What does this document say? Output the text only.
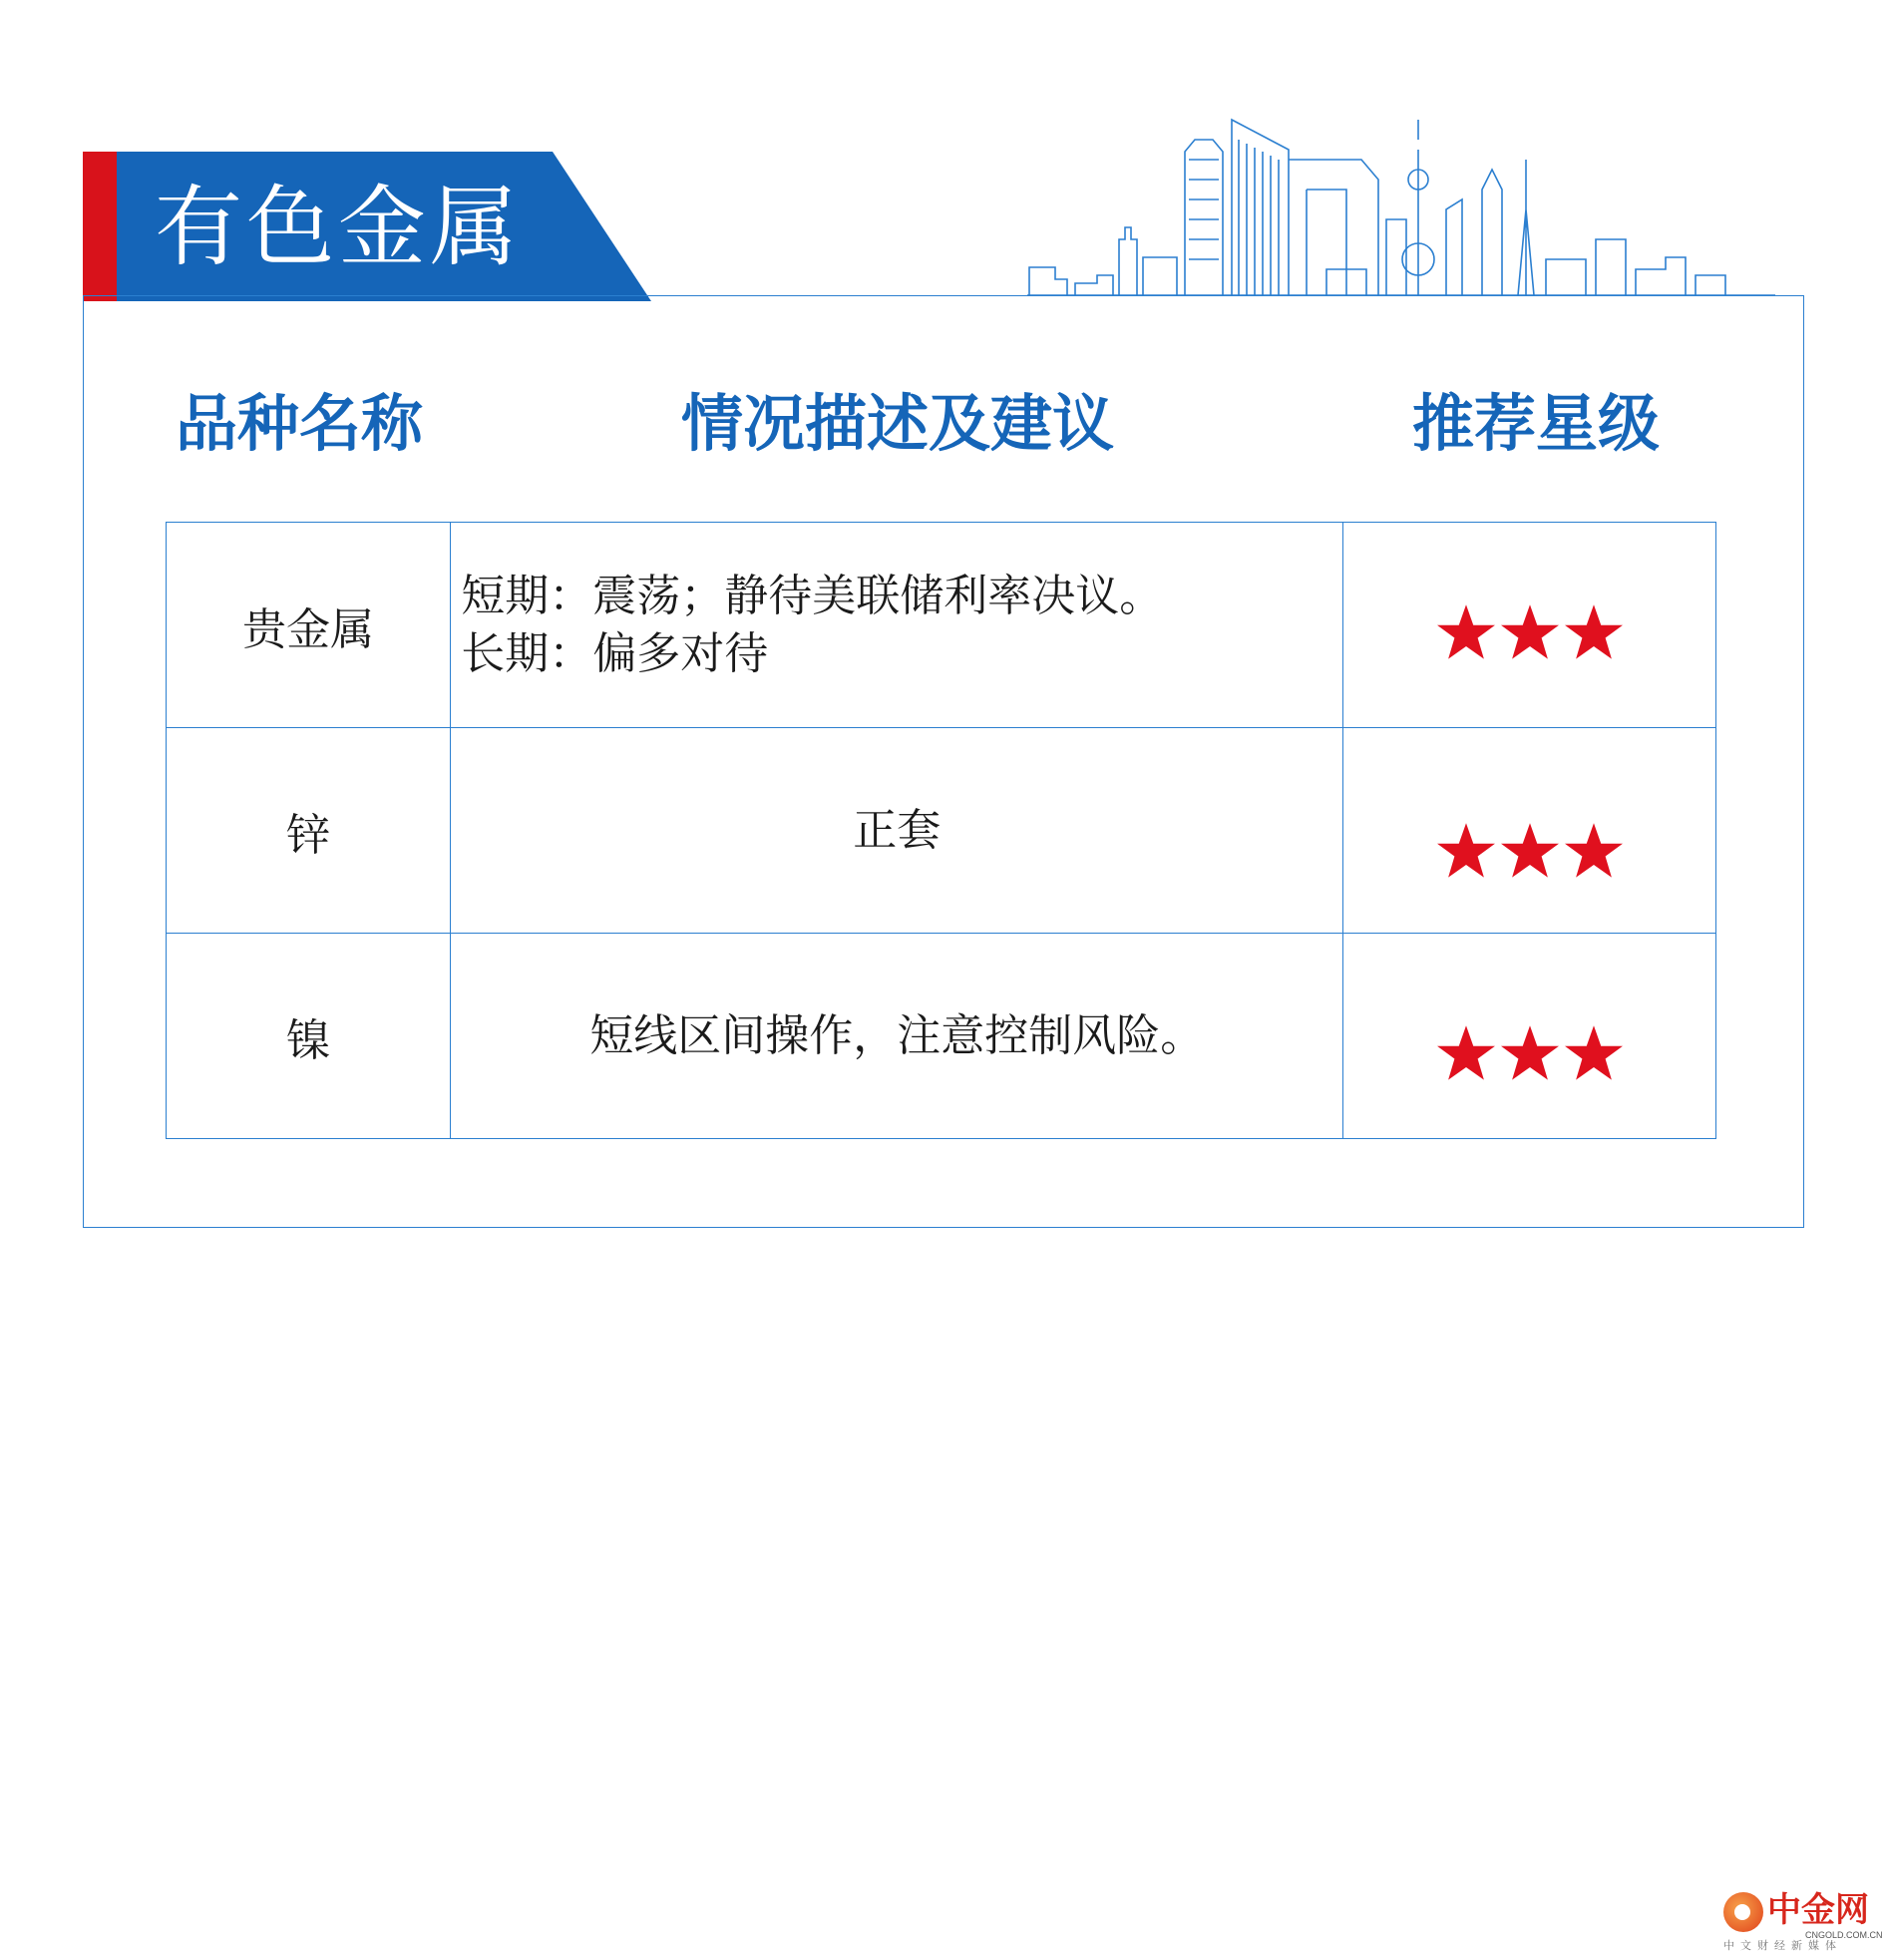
有色金属
品种名称	情况描述及建议	推荐星级
贵金属	短期：震荡；静待美联储利率决议。
长期：偏多对待

锌	正套

镍	短线区间操作，注意控制风险。

中金网
CNGOLD.COM.CN
中文财经新媒体
